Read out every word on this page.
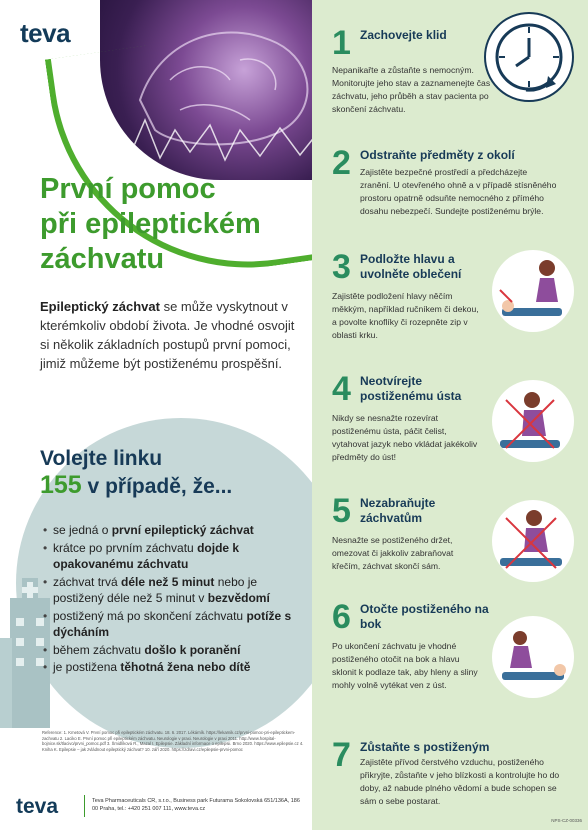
teva
První pomoc
při epileptickém
záchvatu
Epileptický záchvat se může vyskytnout v kterémkoliv období života. Je vhodné osvojit si několik základních postupů první pomoci, jimiž můžeme být postiženému prospěšní.
Volejte linku
155 v případě, že...
• se jedná o první epileptický záchvat
• krátce po prvním záchvatu dojde k opakovanému záchvatu
• záchvat trvá déle než 5 minut nebo je postižený déle než 5 minut v bezvědomí
• postižený má po skončení záchvatu potíže s dýcháním
• během záchvatu došlo k poranění
• je postižena těhotná žena nebo dítě
Reference: 1. Kmetová V. První pomoc při epileptickém záchvatu. 18. 6. 2017. Lékárník. https://lekarnik.cz/prvni-pomoc-pri-epileptickem-zachvatu 2. Laciko E. První pomoc při epileptickém záchvatu. Neurologie v praxi. Neurologie v praxi 2011. http://www.hospital-bojnice.sk/tlacivo/prvni_pomoc.pdf 3. Šmidlíková R., Mazal I. Epilepsie. Základní informace o epilepsii. Brno 2020. https://www.epilepsie.cz 4. Kniha K. Epilepsie – jak zvládnout epileptický záchvat? 10. září 2020. https://zdravi.cz/epilepsie-prvni-pomoc
teva	Teva Pharmaceuticals CR, s.r.o., Business park Futurama Sokolovská 651/136A, 186 00 Praha, tel.: +420 251 007 111, www.teva.cz
1 Zachovejte klid
Nepanikařte a zůstaňte s nemocným. Monitorujte jeho stav a zaznamenejte čas záchvatu, jeho průběh a stav pacienta po skončení záchvatu.
2 Odstraňte předměty z okolí
Zajistěte bezpečné prostředí a předcházejte zranění. U otevřeného ohně a v případě stísněného prostoru opatrně odsuňte nemocného z přímého dosahu nebezpečí. Sundejte postiženému brýle.
3 Podložte hlavu a uvolněte oblečení
Zajistěte podložení hlavy něčím měkkým, například ručníkem či dekou, a povolte knoflíky či rozepněte zip v oblasti krku.
4 Neotvírejte postiženému ústa
Nikdy se nesnažte rozevírat postiženému ústa, páčit čelist, vytahovat jazyk nebo vkládat jakékoliv předměty do úst!
5 Nezabraňujte záchvatům
Nesnažte se postiženého držet, omezovat či jakkoliv zabraňovat křečím, záchvat skončí sám.
6 Otočte postiženého na bok
Po ukončení záchvatu je vhodné postiženého otočit na bok a hlavu sklonit k podlaze tak, aby hleny a sliny mohly volně vytékat ven z úst.
7 Zůstaňte s postiženým
Zajistěte přívod čerstvého vzduchu, postiženého přikryjte, zůstaňte v jeho blízkosti a kontrolujte ho do doby, až nabude plného vědomí a bude schopen se sám o sebe postarat.
NPS-CZ-00336
